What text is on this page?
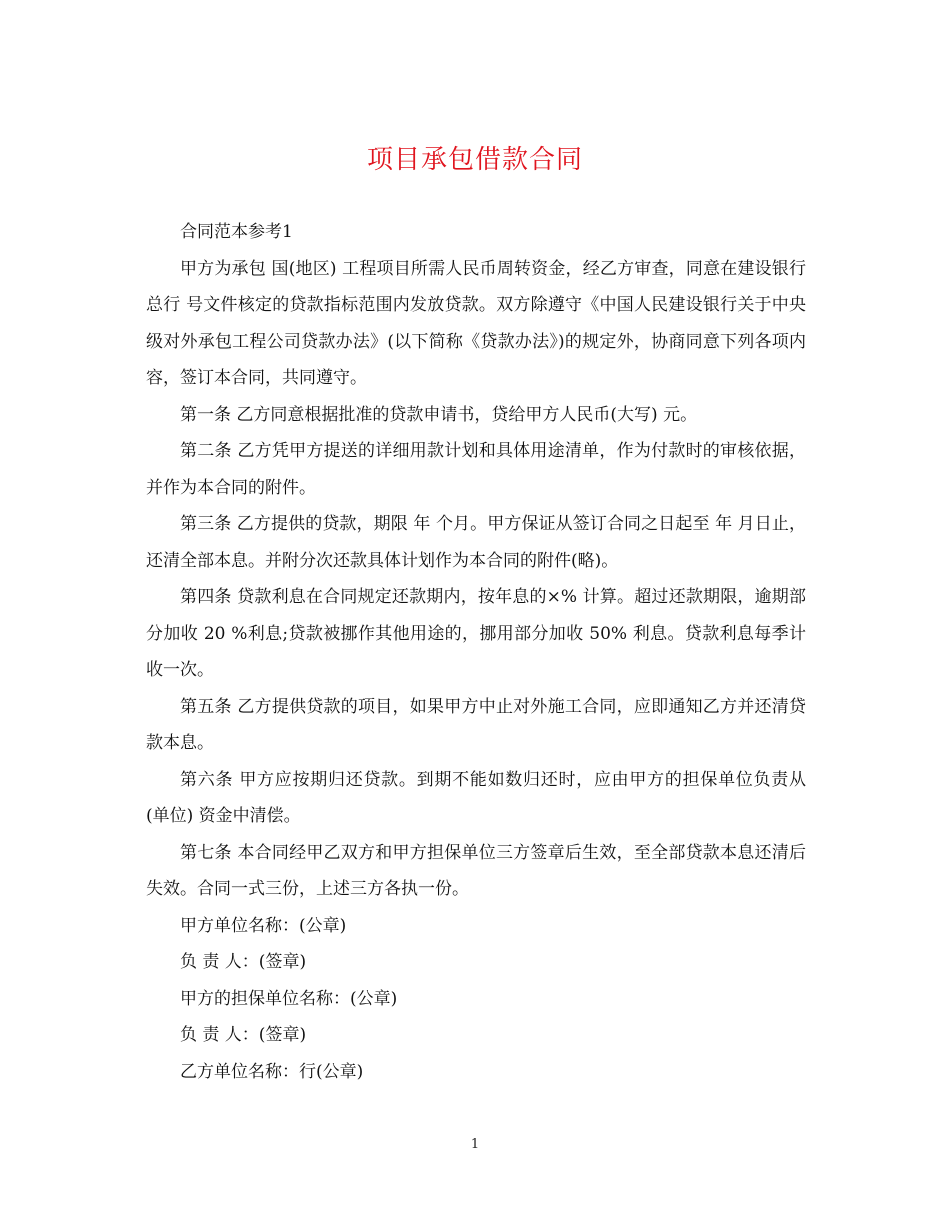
项目承包借款合同

合同范本参考1

甲方为承包 国(地区) 工程项目所需人民币周转资金，经乙方审查，同意在建设银行总行 号文件核定的贷款指标范围内发放贷款。双方除遵守《中国人民建设银行关于中央级对外承包工程公司贷款办法》(以下简称《贷款办法》)的规定外，协商同意下列各项内容，签订本合同，共同遵守。

第一条 乙方同意根据批准的贷款申请书，贷给甲方人民币(大写) 元。

第二条 乙方凭甲方提送的详细用款计划和具体用途清单，作为付款时的审核依据，并作为本合同的附件。

第三条 乙方提供的贷款，期限 年 个月。甲方保证从签订合同之日起至 年 月日止，还清全部本息。并附分次还款具体计划作为本合同的附件(略)。

第四条 贷款利息在合同规定还款期内，按年息的×% 计算。超过还款期限，逾期部分加收 20 %利息;贷款被挪作其他用途的，挪用部分加收 50% 利息。贷款利息每季计收一次。

第五条 乙方提供贷款的项目，如果甲方中止对外施工合同，应即通知乙方并还清贷款本息。

第六条 甲方应按期归还贷款。到期不能如数归还时，应由甲方的担保单位负责从 (单位) 资金中清偿。

第七条 本合同经甲乙双方和甲方担保单位三方签章后生效，至全部贷款本息还清后失效。合同一式三份，上述三方各执一份。

甲方单位名称：(公章)

负 责 人：(签章)

甲方的担保单位名称：(公章)

负 责 人：(签章)

乙方单位名称：行(公章)

1
